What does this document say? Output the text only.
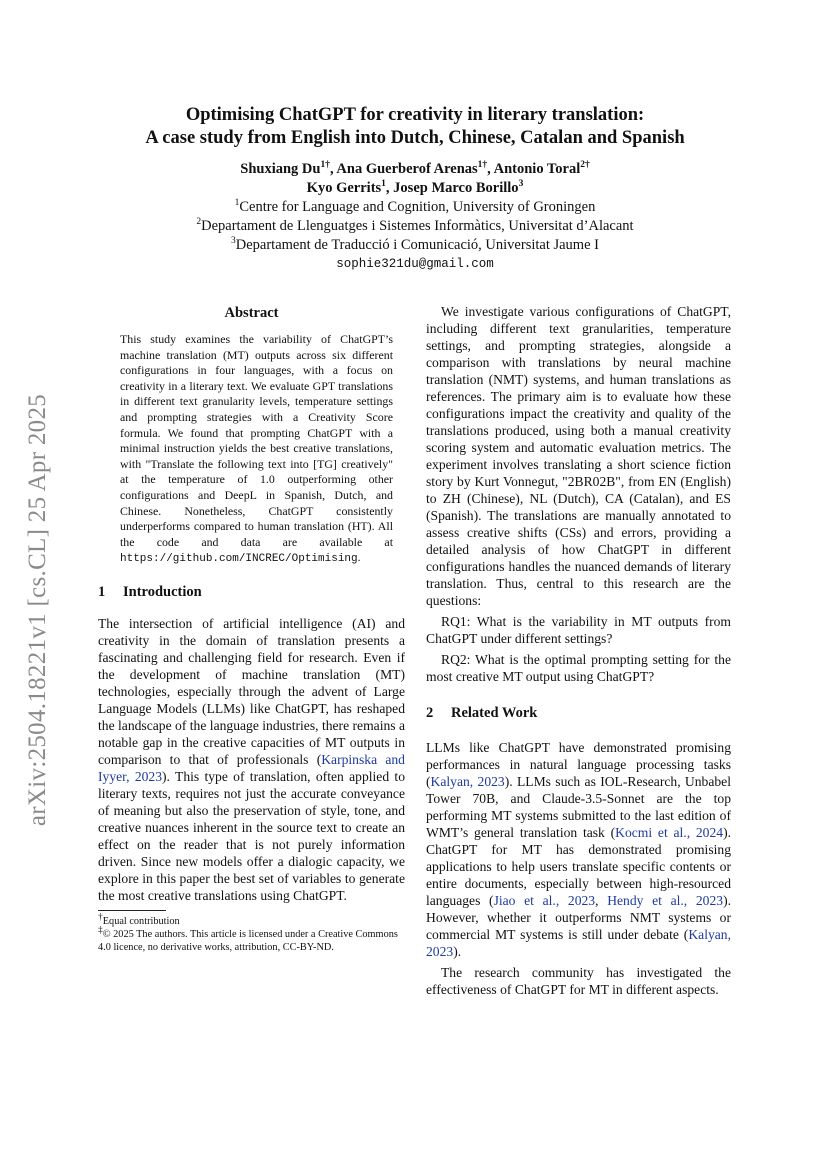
arXiv:2504.18221v1 [cs.CL] 25 Apr 2025
Optimising ChatGPT for creativity in literary translation:
A case study from English into Dutch, Chinese, Catalan and Spanish
Shuxiang $Du^{1\dagger}$, Ana Guerberof Arenas$^{1\dagger}$, Antonio Toral$^{2\dagger}$
Kyo Gerrits$^1$, Josep Marco Borillo$^3$
$^1$Centre for Language and Cognition, University of Groningen
$^2$Departament de Llenguatges i Sistemes Informàtics, Universitat d’Alacant
$^3$Departament de Traducció i Comunicació, Universitat Jaume I
sophie321du@gmail.com
Abstract

This study examines the variability of ChatGPT’s machine translation (MT) outputs across six different configurations in four languages, with a focus on creativity in a literary text. We evaluate GPT translations in different text granularity levels, temperature settings and prompting strategies with a Creativity Score formula. We found that prompting ChatGPT with a minimal instruction yields the best creative translations, with "Translate the following text into [TG] creatively" at the temperature of 1.0 outperforming other configurations and DeepL in Spanish, Dutch, and Chinese. Nonetheless, ChatGPT consistently underperforms compared to human translation (HT). All the code and data are available at https://github.com/INCREC/Optimising.

1 Introduction

The intersection of artificial intelligence (AI) and creativity in the domain of translation presents a fascinating and challenging field for research. Even if the development of machine translation (MT) technologies, especially through the advent of Large Language Models (LLMs) like ChatGPT, has reshaped the landscape of the language industries, there remains a notable gap in the creative capacities of MT outputs in comparison to that of professionals (Karpinska and Iyyer, 2023). This type of translation, often applied to literary texts, requires not just the accurate conveyance of meaning but also the preservation of style, tone, and creative nuances inherent in the source text to create an effect on the reader that is not purely information driven. Since new models offer a dialogic capacity, we explore in this paper the best set of variables to generate the most creative translations using ChatGPT.

†Equal contribution

‡© 2025 The authors. This article is licensed under a Creative Commons 4.0 licence, no derivative works, attribution, CC-BY-ND.

We investigate various configurations of ChatGPT, including different text granularities, temperature settings, and prompting strategies, alongside a comparison with translations by neural machine translation (NMT) systems, and human translations as references. The primary aim is to evaluate how these configurations impact the creativity and quality of the translations produced, using both a manual creativity scoring system and automatic evaluation metrics. The experiment involves translating a short science fiction story by Kurt Vonnegut, "2BR02B", from EN (English) to ZH (Chinese), NL (Dutch), CA (Catalan), and ES (Spanish). The translations are manually annotated to assess creative shifts (CSs) and errors, providing a detailed analysis of how ChatGPT in different configurations handles the nuanced demands of literary translation. Thus, central to this research are the questions:

RQ1: What is the variability in MT outputs from ChatGPT under different settings?

RQ2: What is the optimal prompting setting for the most creative MT output using ChatGPT?

2 Related Work

LLMs like ChatGPT have demonstrated promising performances in natural language processing tasks (Kalyan, 2023). LLMs such as IOL-Research, Unbabel Tower 70B, and Claude-3.5-Sonnet are the top performing MT systems submitted to the last edition of WMT’s general translation task (Kocmi et al., 2024). ChatGPT for MT has demonstrated promising applications to help users translate specific contents or entire documents, especially between high-resourced languages (Jiao et al., 2023, Hendy et al., 2023). However, whether it outperforms NMT systems or commercial MT systems is still under debate (Kalyan, 2023).

The research community has investigated the effectiveness of ChatGPT for MT in different aspects.
